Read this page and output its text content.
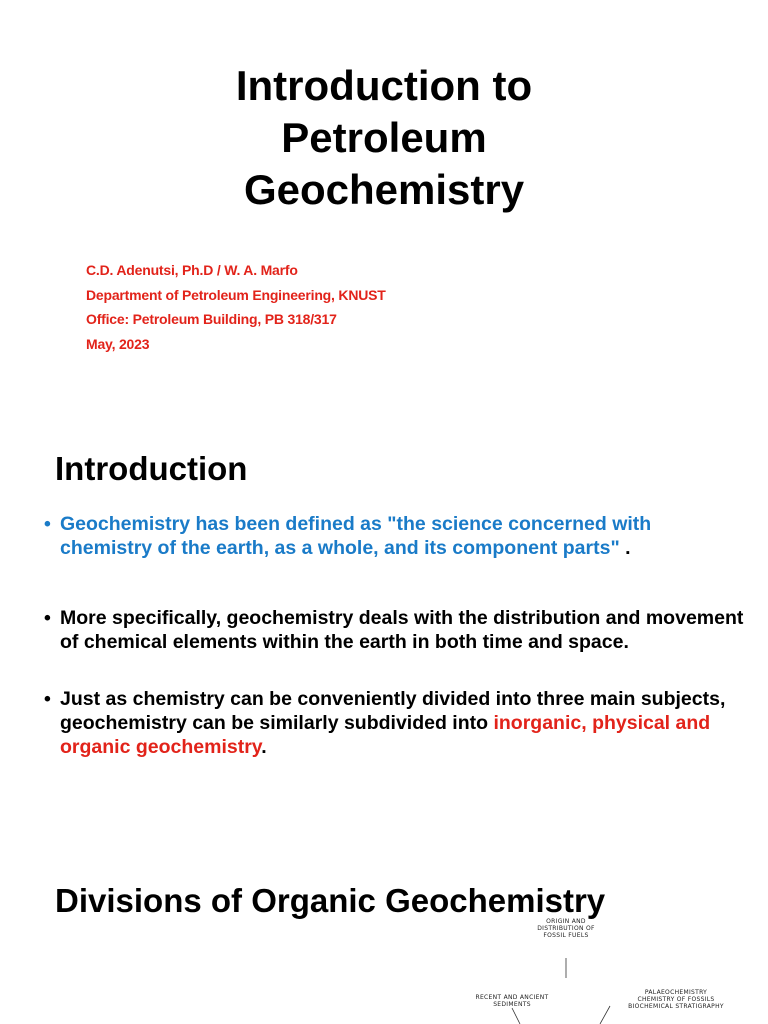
Introduction to
Petroleum
Geochemistry
C.D. Adenutsi, Ph.D / W. A. Marfo
Department of Petroleum Engineering, KNUST
Office: Petroleum Building, PB 318/317
May, 2023
Introduction
• Geochemistry has been defined as "the science concerned with chemistry of the earth, as a whole, and its component parts" .
• More specifically, geochemistry deals with the distribution and movement of chemical elements within the earth in both time and space.
• Just as chemistry can be conveniently divided into three main subjects, geochemistry can be similarly subdivided into inorganic, physical and organic geochemistry.
Divisions of Organic Geochemistry
ORIGIN AND
DISTRIBUTION OF
FOSSIL FUELS
RECENT AND ANCIENT
SEDIMENTS
PALAEOCHEMISTRY
CHEMISTRY OF FOSSILS
BIOCHEMICAL STRATIGRAPHY
